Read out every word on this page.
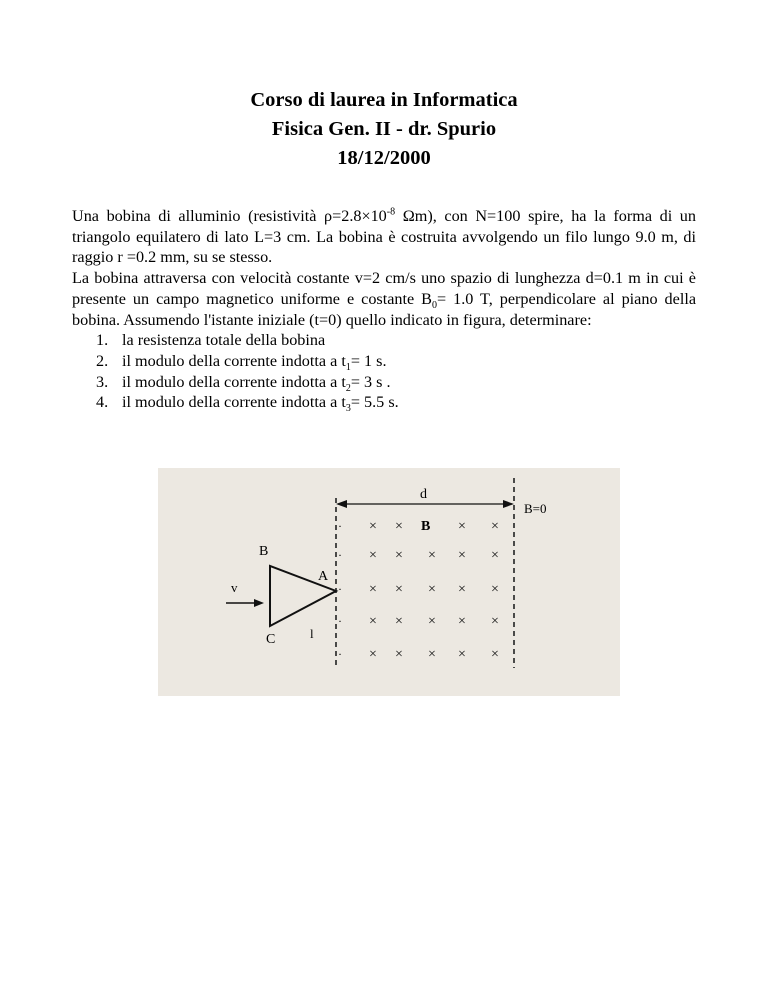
Corso di laurea in Informatica
Fisica Gen. II - dr. Spurio
18/12/2000

Una bobina di alluminio (resistività $\rho=2.8\times 10^{-8}$ Ωm), con N=100 spire, ha la forma di un triangolo equilatero di lato L=3 cm. La bobina è costruita avvolgendo un filo lungo 9.0 m, di raggio r =0.2 mm, su se stesso.

La bobina attraversa con velocità costante v=2 cm/s uno spazio di lunghezza d=0.1 m in cui è presente un campo magnetico uniforme e costante $B_0= 1.0$ T, perpendicolare al piano della bobina. Assumendo l'istante iniziale (t=0) quello indicato in figura, determinare:

1. la resistenza totale della bobina
2. il modulo della corrente indotta a $t_1= 1$ s.
3. il modulo della corrente indotta a $t_2= 3$ s .
4. il modulo della corrente indotta a $t_3= 5.5$ s.
d
B=0
B
· × ×	× ×
· × × × × ×
· × × × × ×
· × × × × ×
· × × × × ×
B
A
C	l
v
